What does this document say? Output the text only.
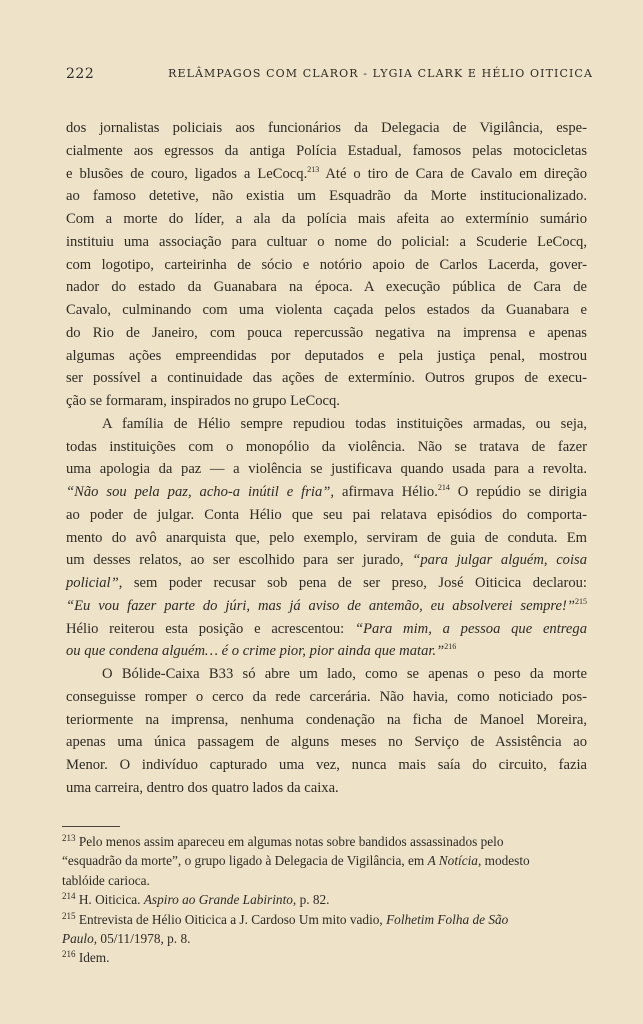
222	RELÂMPAGOS COM CLAROR - LYGIA CLARK E HÉLIO OITICICA
dos jornalistas policiais aos funcionários da Delegacia de Vigilância, espe-
cialmente aos egressos da antiga Polícia Estadual, famosos pelas motocicletas
e blusões de couro, ligados a LeCocq.$^{213}$ Até o tiro de Cara de Cavalo em direção
ao famoso detetive, não existia um Esquadrão da Morte institucionalizado.
Com a morte do líder, a ala da polícia mais afeita ao extermínio sumário
instituiu uma associação para cultuar o nome do policial: a Scuderie LeCocq,
com logotipo, carteirinha de sócio e notório apoio de Carlos Lacerda, gover-
nador do estado da Guanabara na época. A execução pública de Cara de
Cavalo, culminando com uma violenta caçada pelos estados da Guanabara e
do Rio de Janeiro, com pouca repercussão negativa na imprensa e apenas
algumas ações empreendidas por deputados e pela justiça penal, mostrou
ser possível a continuidade das ações de extermínio. Outros grupos de execu-
ção se formaram, inspirados no grupo LeCocq.
A família de Hélio sempre repudiou todas instituições armadas, ou seja,
todas instituições com o monopólio da violência. Não se tratava de fazer
uma apologia da paz — a violência se justificava quando usada para a revolta.
“Não sou pela paz, acho-a inútil e fria”, afirmava Hélio.$^{214}$ O repúdio se dirigia
ao poder de julgar. Conta Hélio que seu pai relatava episódios do comporta-
mento do avô anarquista que, pelo exemplo, serviram de guia de conduta. Em
um desses relatos, ao ser escolhido para ser jurado, “para julgar alguém, coisa
policial”, sem poder recusar sob pena de ser preso, José Oiticica declarou:
“Eu vou fazer parte do júri, mas já aviso de antemão, eu absolverei sempre!”$^{215}$
Hélio reiterou esta posição e acrescentou: “Para mim, a pessoa que entrega
ou que condena alguém… é o crime pior, pior ainda que matar.”$^{216}$
O Bólide-Caixa B33 só abre um lado, como se apenas o peso da morte
conseguisse romper o cerco da rede carcerária. Não havia, como noticiado pos-
teriormente na imprensa, nenhuma condenação na ficha de Manoel Moreira,
apenas uma única passagem de alguns meses no Serviço de Assistência ao
Menor. O indivíduo capturado uma vez, nunca mais saía do circuito, fazia
uma carreira, dentro dos quatro lados da caixa.
$^{213}$ Pelo menos assim apareceu em algumas notas sobre bandidos assassinados pelo
“esquadrão da morte”, o grupo ligado à Delegacia de Vigilância, em A Notícia, modesto
tablóide carioca.
$^{214}$ H. Oiticica. Aspiro ao Grande Labirinto, p. 82.
$^{215}$ Entrevista de Hélio Oiticica a J. Cardoso Um mito vadio, Folhetim Folha de São
Paulo, 05/11/1978, p. 8.
$^{216}$ Idem.
